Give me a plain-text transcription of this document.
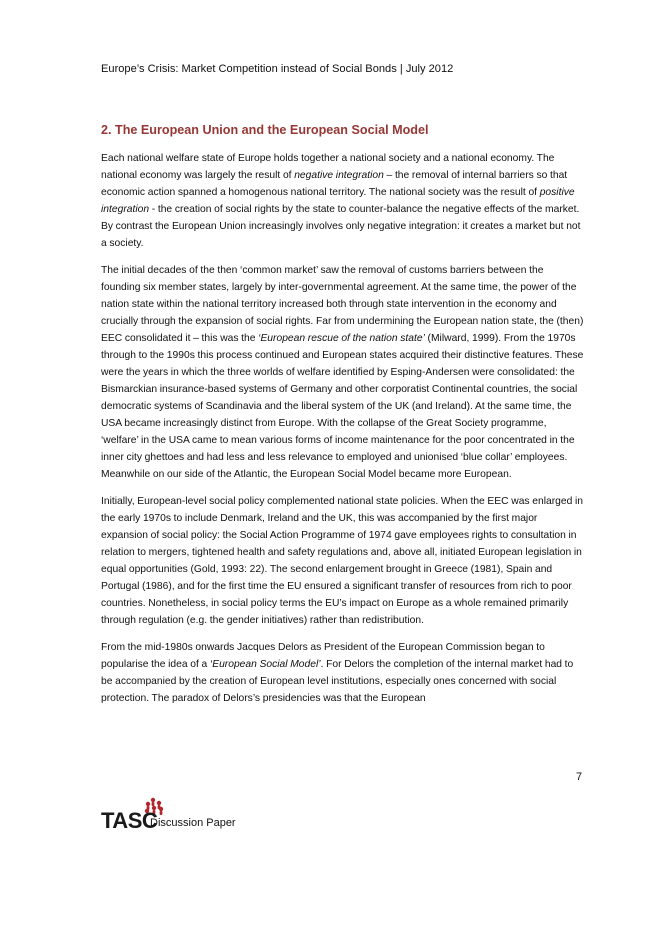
Europe’s Crisis: Market Competition instead of Social Bonds | July 2012
2. The European Union and the European Social Model

Each national welfare state of Europe holds together a national society and a national economy. The national economy was largely the result of negative integration – the removal of internal barriers so that economic action spanned a homogenous national territory. The national society was the result of positive integration - the creation of social rights by the state to counter-balance the negative effects of the market. By contrast the European Union increasingly involves only negative integration: it creates a market but not a society.

The initial decades of the then ‘common market’ saw the removal of customs barriers between the founding six member states, largely by inter-governmental agreement. At the same time, the power of the nation state within the national territory increased both through state intervention in the economy and crucially through the expansion of social rights. Far from undermining the European nation state, the (then) EEC consolidated it – this was the ‘European rescue of the nation state’ (Milward, 1999). From the 1970s through to the 1990s this process continued and European states acquired their distinctive features. These were the years in which the three worlds of welfare identified by Esping-Andersen were consolidated: the Bismarckian insurance-based systems of Germany and other corporatist Continental countries, the social democratic systems of Scandinavia and the liberal system of the UK (and Ireland). At the same time, the USA became increasingly distinct from Europe. With the collapse of the Great Society programme, ‘welfare’ in the USA came to mean various forms of income maintenance for the poor concentrated in the inner city ghettoes and had less and less relevance to employed and unionised ‘blue collar’ employees. Meanwhile on our side of the Atlantic, the European Social Model became more European.

Initially, European-level social policy complemented national state policies. When the EEC was enlarged in the early 1970s to include Denmark, Ireland and the UK, this was accompanied by the first major expansion of social policy: the Social Action Programme of 1974 gave employees rights to consultation in relation to mergers, tightened health and safety regulations and, above all, initiated European legislation in equal opportunities (Gold, 1993: 22). The second enlargement brought in Greece (1981), Spain and Portugal (1986), and for the first time the EU ensured a significant transfer of resources from rich to poor countries. Nonetheless, in social policy terms the EU’s impact on Europe as a whole remained primarily through regulation (e.g. the gender initiatives) rather than redistribution.

From the mid-1980s onwards Jacques Delors as President of the European Commission began to popularise the idea of a ‘European Social Model’. For Delors the completion of the internal market had to be accompanied by the creation of European level institutions, especially ones concerned with social protection. The paradox of Delors’s presidencies was that the European

7
TASC
Discussion Paper
